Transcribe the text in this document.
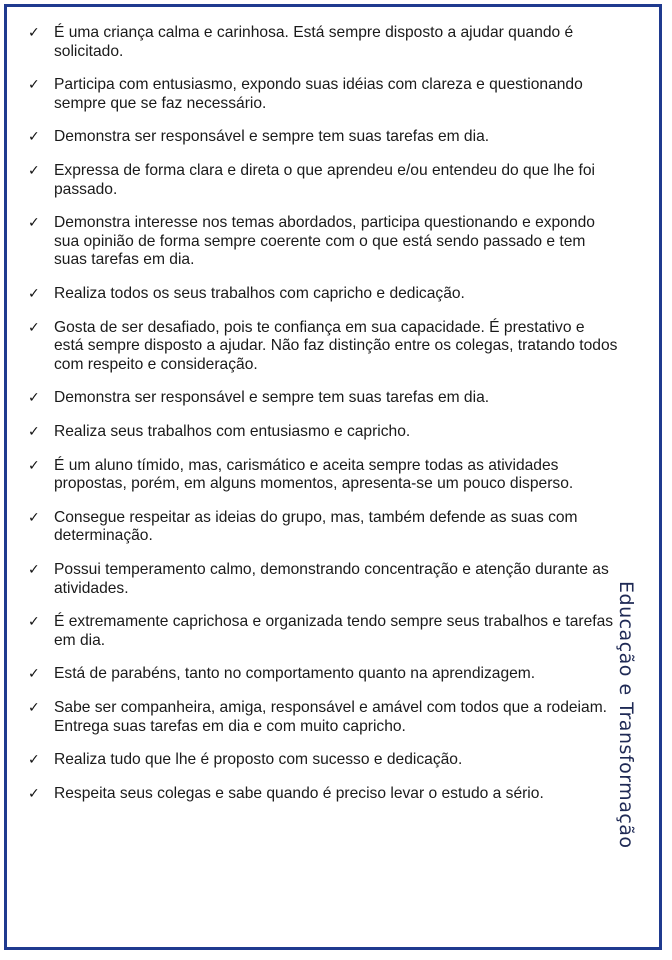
✓ É uma criança calma e carinhosa. Está sempre disposto a ajudar quando é solicitado.
✓ Participa com entusiasmo, expondo suas idéias com clareza e questionando sempre que se faz necessário.
✓ Demonstra ser responsável e sempre tem suas tarefas em dia.
✓ Expressa de forma clara e direta o que aprendeu e/ou entendeu do que lhe foi passado.
✓ Demonstra interesse nos temas abordados, participa questionando e expondo sua opinião de forma sempre coerente com o que está sendo passado e tem suas tarefas em dia.
✓ Realiza todos os seus trabalhos com capricho e dedicação.
✓ Gosta de ser desafiado, pois te confiança em sua capacidade. É prestativo e está sempre disposto a ajudar. Não faz distinção entre os colegas, tratando todos com respeito e consideração.
✓ Demonstra ser responsável e sempre tem suas tarefas em dia.
✓ Realiza seus trabalhos com entusiasmo e capricho.
✓ É um aluno tímido, mas, carismático e aceita sempre todas as atividades propostas, porém, em alguns momentos, apresenta-se um pouco disperso.
✓ Consegue respeitar as ideias do grupo, mas, também defende as suas com determinação.
✓ Possui temperamento calmo, demonstrando concentração e atenção durante as atividades.
✓ É extremamente caprichosa e organizada tendo sempre seus trabalhos e tarefas em dia.
✓ Está de parabéns, tanto no comportamento quanto na aprendizagem.
✓ Sabe ser companheira, amiga, responsável e amável com todos que a rodeiam. Entrega suas tarefas em dia e com muito capricho.
✓ Realiza tudo que lhe é proposto com sucesso e dedicação.
✓ Respeita seus colegas e sabe quando é preciso levar o estudo a sério.	Educação e Transformação
